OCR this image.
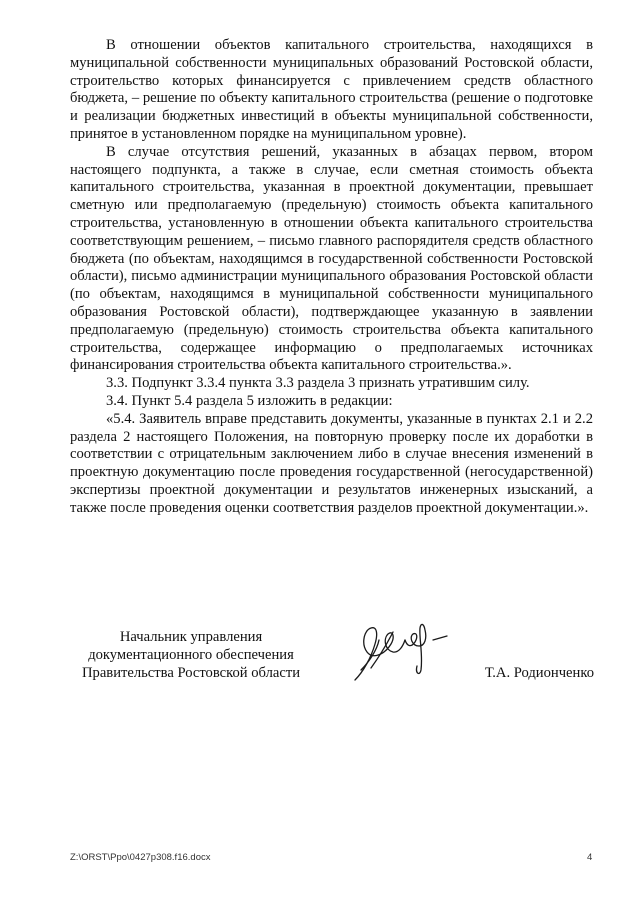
В отношении объектов капитального строительства, находящихся в муниципальной собственности муниципальных образований Ростовской области, строительство которых финансируется с привлечением средств областного бюджета, – решение по объекту капитального строительства (решение о подготовке и реализации бюджетных инвестиций в объекты муниципальной собственности, принятое в установленном порядке на муниципальном уровне).

В случае отсутствия решений, указанных в абзацах первом, втором настоящего подпункта, а также в случае, если сметная стоимость объекта капитального строительства, указанная в проектной документации, превышает сметную или предполагаемую (предельную) стоимость объекта капитального строительства, установленную в отношении объекта капитального строительства соответствующим решением, – письмо главного распорядителя средств областного бюджета (по объектам, находящимся в государственной собственности Ростовской области), письмо администрации муниципального образования Ростовской области (по объектам, находящимся в муниципальной собственности муниципального образования Ростовской области), подтверждающее указанную в заявлении предполагаемую (предельную) стоимость строительства объекта капитального строительства, содержащее информацию о предполагаемых источниках финансирования строительства объекта капитального строительства.».

3.3. Подпункт 3.3.4 пункта 3.3 раздела 3 признать утратившим силу.

3.4. Пункт 5.4 раздела 5 изложить в редакции:

«5.4. Заявитель вправе представить документы, указанные в пунктах 2.1 и 2.2 раздела 2 настоящего Положения, на повторную проверку после их доработки в соответствии с отрицательным заключением либо в случае внесения изменений в проектную документацию после проведения государственной (негосударственной) экспертизы проектной документации и результатов инженерных изысканий, а также после проведения оценки соответствия разделов проектной документации.».

Начальник управления
документационного обеспечения
Правительства Ростовской области	Т.А. Родионченко
Z:\ORST\Ppo\0427p308.f16.docx	4
